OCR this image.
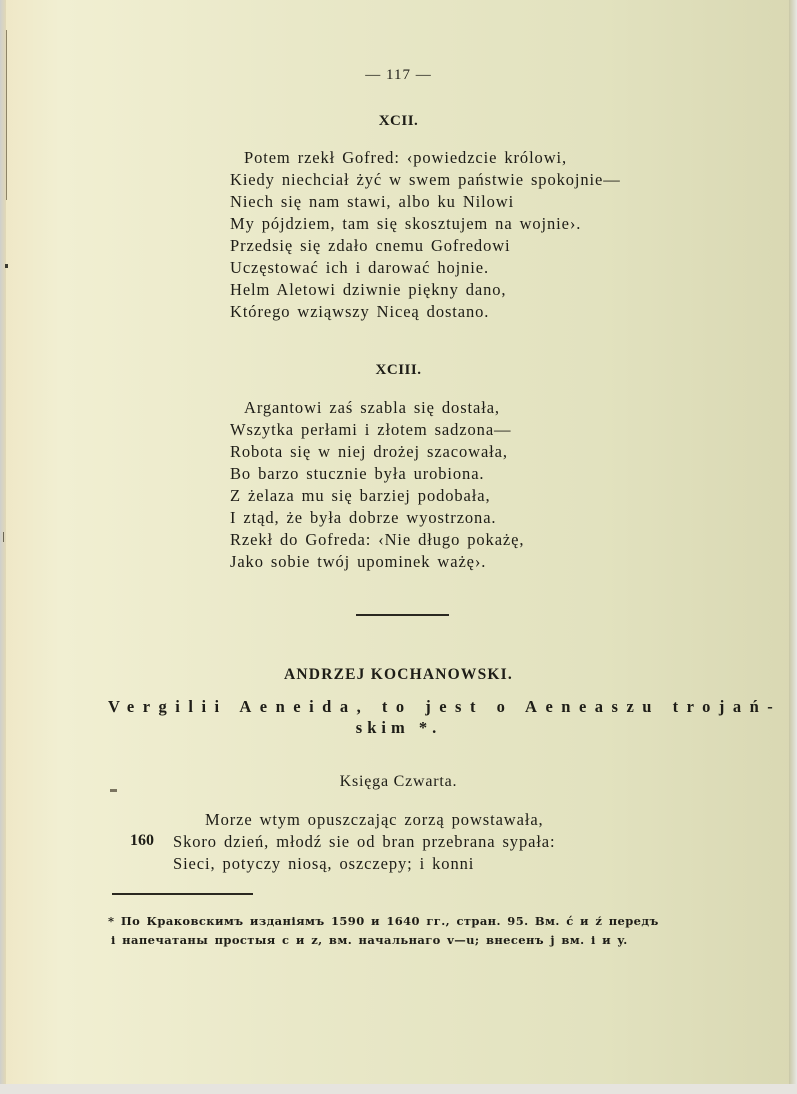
— 117 —
XCII.
Potem rzekł Gofred: ‹powiedzcie królowi,
Kiedy niechciał żyć w swem państwie spokojnie—
Niech się nam stawi, albo ku Nilowi
My pójdziem, tam się skosztujem na wojnie›.
Przedsię się zdało cnemu Gofredowi
Uczęstować ich i darować hojnie.
Helm Aletowi dziwnie piękny dano,
Którego wziąwszy Niceą dostano.
XCIII.
Argantowi zaś szabla się dostała,
Wszytka perłami i złotem sadzona—
Robota się w niej drożej szacowała,
Bo barzo stucznie była urobiona.
Z żelaza mu się barziej podobała,
I ztąd, że była dobrze wyostrzona.
Rzekł do Gofreda: ‹Nie długo pokażę,
Jako sobie twój upominek ważę›.
ANDRZEJ KOCHANOWSKI.
Vergilii Aeneida, to jest o Aeneaszu trojań-
skim *.
Księga Czwarta.
Morze wtym opuszczając zorzą powstawała,
160 Skoro dzień, młodź sie od bran przebrana sypała:
Sieci, potyczy niosą, oszczepy; i konni
* По Краковскимъ изданіямъ 1590 и 1640 гг., стран. 95. Вм. ć и ź передъ
і напечатаны простыя c и z, вм. начальнаго v—u; внесенъ j вм. і и y.
